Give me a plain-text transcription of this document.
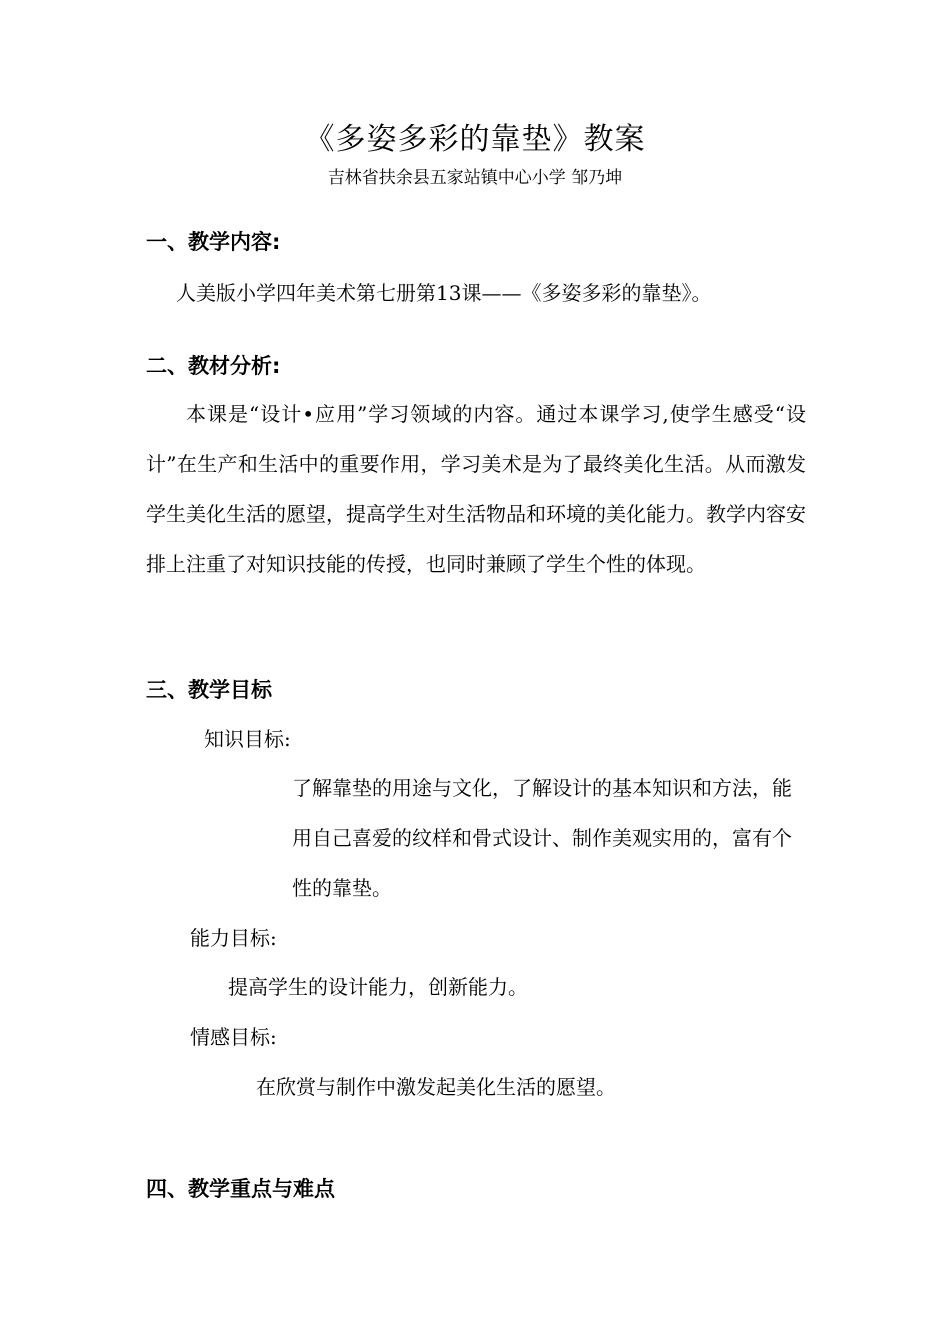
《多姿多彩的靠垫》教案
吉林省扶余县五家站镇中心小学 邹乃坤
一、教学内容:
人美版小学四年美术第七册第13课——《多姿多彩的靠垫》。
二、教材分析:
本课是“设计•应用”学习领域的内容。通过本课学习,使学生感受“设计”在生产和生活中的重要作用，学习美术是为了最终美化生活。从而激发学生美化生活的愿望，提高学生对生活物品和环境的美化能力。教学内容安排上注重了对知识技能的传授，也同时兼顾了学生个性的体现。
三、教学目标
知识目标:
了解靠垫的用途与文化，了解设计的基本知识和方法，能用自己喜爱的纹样和骨式设计、制作美观实用的，富有个性的靠垫。
能力目标:
提高学生的设计能力，创新能力。
情感目标:
在欣赏与制作中激发起美化生活的愿望。
四、教学重点与难点
